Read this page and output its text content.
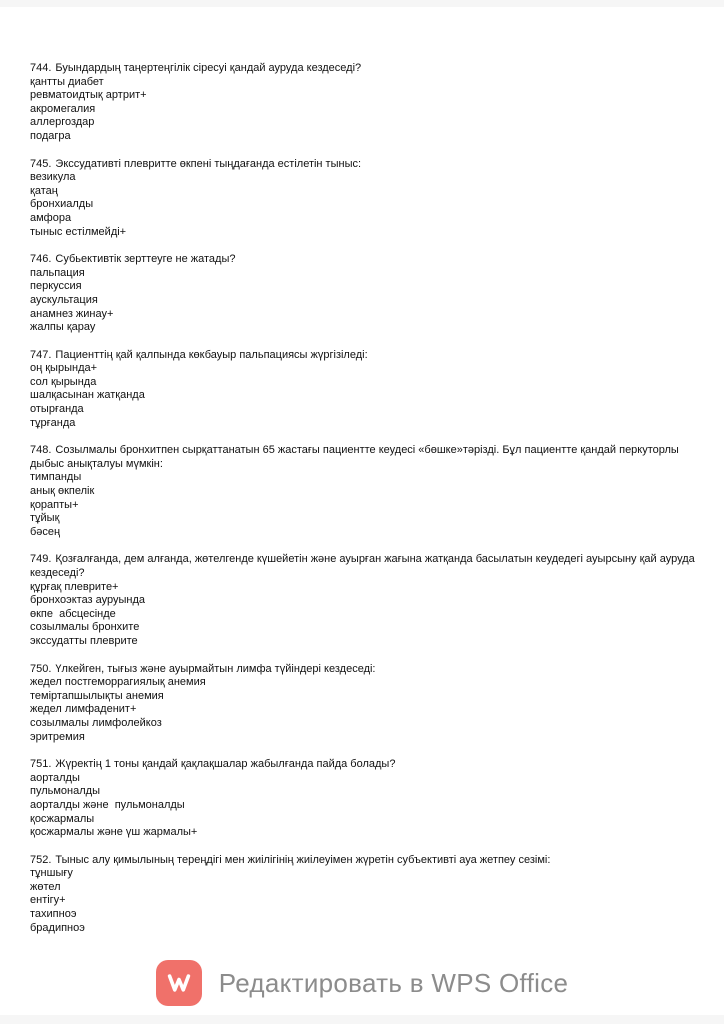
744. Буындардың таңертеңгілік сіресуі қандай ауруда кездеседі?
қантты диабет
ревматоидтық артрит+
акромегалия
аллергоздар
подагра
745. Экссудативті плевритте өкпені тыңдағанда естілетін тыныс:
везикула
қатаң
бронхиалды
амфора
тыныс естілмейді+
746. Субьективтік зерттеуге не жатады?
пальпация
перкуссия
аускультация
анамнез жинау+
жалпы қарау
747. Пациенттің қай қалпында көкбауыр пальпациясы жүргізіледі:
оң қырында+
сол қырында
шалқасынан жатқанда
отырғанда
тұрғанда
748. Созылмалы бронхитпен сырқаттанатын 65 жастағы пациентте кеудесі «бөшке»тәрізді. Бұл пациентте қандай перкуторлы дыбыс анықталуы мүмкін:
тимпанды
анық өкпелік
қорапты+
тұйық
бәсең
749. Қозғалғанда, дем алғанда, жөтелгенде күшейетін және ауырған жағына жатқанда басылатын кеудедегі ауырсыну қай ауруда кездеседі?
құрғақ плеврите+
бронхоэктаз ауруында
өкпе  абсцесінде
созылмалы бронхите
экссудатты плеврите
750. Үлкейген, тығыз және ауырмайтын лимфа түйіндері кездеседі:
жедел постгеморрагиялық анемия
теміртапшылықты анемия
жедел лимфаденит+
созылмалы лимфолейкоз
эритремия
751. Жүректің 1 тоны қандай қақлақшалар жабылғанда пайда болады?
аорталды
пульмоналды
аорталды және  пульмоналды
қосжармалы
қосжармалы және үш жармалы+
752. Тыныс алу қимылының тереңдігі мен жиілігінің жиілеуімен жүретін субъективті ауа жетпеу сезімі:
тұншығу
жөтел
ентігу+
тахипноэ
брадипноэ
Редактировать в WPS Office
